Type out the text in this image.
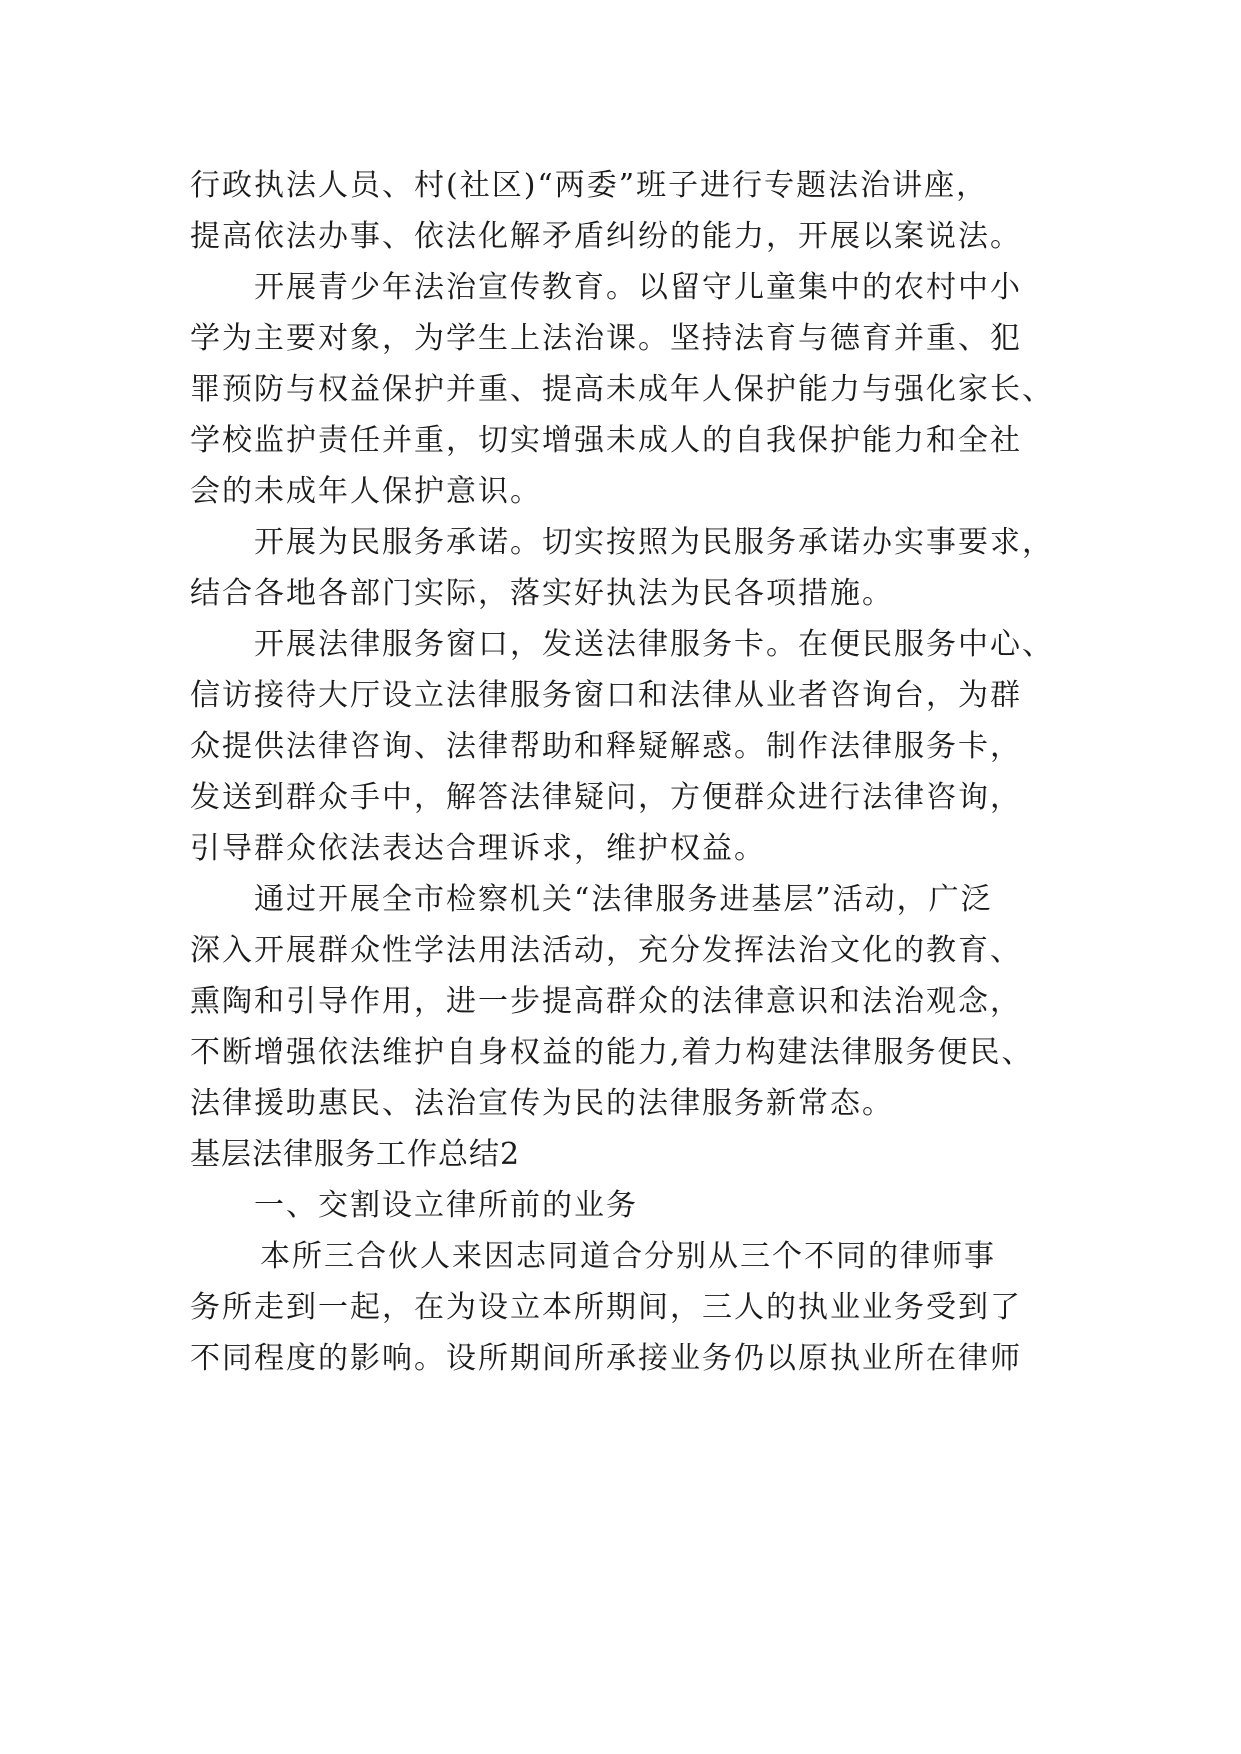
行政执法人员、村(社区)“两委”班子进行专题法治讲座，
提高依法办事、依法化解矛盾纠纷的能力，开展以案说法。
开展青少年法治宣传教育。以留守儿童集中的农村中小
学为主要对象，为学生上法治课。坚持法育与德育并重、犯
罪预防与权益保护并重、提高未成年人保护能力与强化家长、
学校监护责任并重，切实增强未成人的自我保护能力和全社
会的未成年人保护意识。
开展为民服务承诺。切实按照为民服务承诺办实事要求，
结合各地各部门实际，落实好执法为民各项措施。
开展法律服务窗口，发送法律服务卡。在便民服务中心、
信访接待大厅设立法律服务窗口和法律从业者咨询台，为群
众提供法律咨询、法律帮助和释疑解惑。制作法律服务卡，
发送到群众手中，解答法律疑问，方便群众进行法律咨询，
引导群众依法表达合理诉求，维护权益。
通过开展全市检察机关“法律服务进基层”活动，广泛
深入开展群众性学法用法活动，充分发挥法治文化的教育、
熏陶和引导作用，进一步提高群众的法律意识和法治观念，
不断增强依法维护自身权益的能力,着力构建法律服务便民、
法律援助惠民、法治宣传为民的法律服务新常态。
基层法律服务工作总结2
一、交割设立律所前的业务
本所三合伙人来因志同道合分别从三个不同的律师事
务所走到一起，在为设立本所期间，三人的执业业务受到了
不同程度的影响。设所期间所承接业务仍以原执业所在律师
